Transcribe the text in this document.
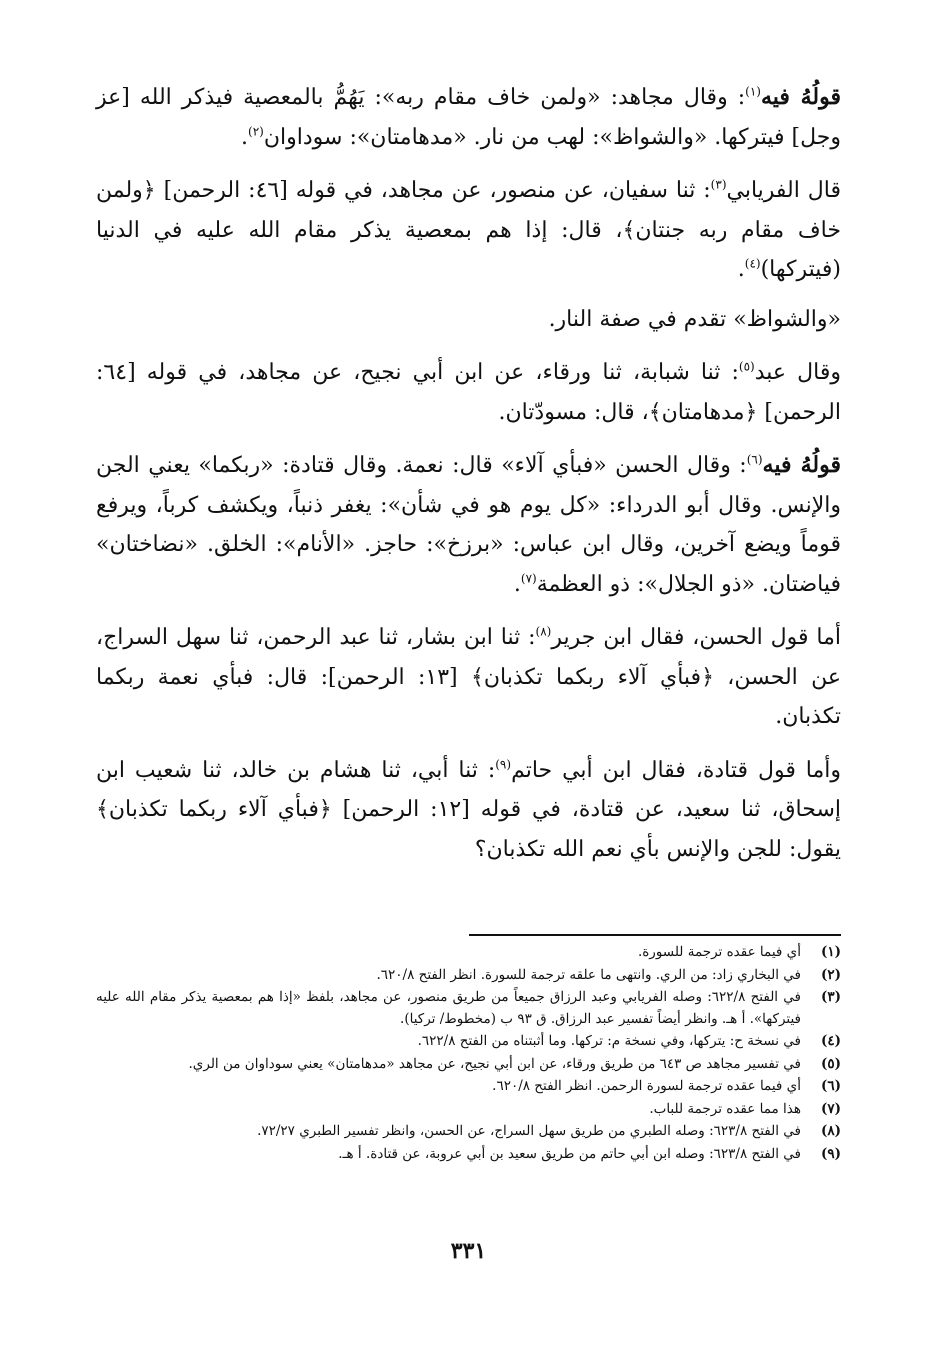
قولُهُ فيه$^{(١)}$: وقال مجاهد: «ولمن خاف مقام ربه»: يَهُمُّ بالمعصية فيذكر الله [عز وجل] فيتركها. «والشواظ»: لهب من نار. «مدهامتان»: سوداوان$^{(٢)}$.

قال الفريابي$^{(٣)}$: ثنا سفيان، عن منصور، عن مجاهد، في قوله [٤٦: الرحمن] ﴿ولمن خاف مقام ربه جنتان﴾، قال: إذا هم بمعصية يذكر مقام الله عليه في الدنيا (فيتركها)$^{(٤)}$.

«والشواظ» تقدم في صفة النار.

وقال عبد$^{(٥)}$: ثنا شبابة، ثنا ورقاء، عن ابن أبي نجيح، عن مجاهد، في قوله [٦٤: الرحمن] ﴿مدهامتان﴾، قال: مسودّتان.

قولُهُ فيه$^{(٦)}$: وقال الحسن «فبأي آلاء» قال: نعمة. وقال قتادة: «ربكما» يعني الجن والإنس. وقال أبو الدرداء: «كل يوم هو في شأن»: يغفر ذنباً، ويكشف كرباً، ويرفع قوماً ويضع آخرين، وقال ابن عباس: «برزخ»: حاجز. «الأنام»: الخلق. «نضاختان» فياضتان. «ذو الجلال»: ذو العظمة$^{(٧)}$.

أما قول الحسن، فقال ابن جرير$^{(٨)}$: ثنا ابن بشار، ثنا عبد الرحمن، ثنا سهل السراج، عن الحسن، ﴿فبأي آلاء ربكما تكذبان﴾ [١٣: الرحمن]: قال: فبأي نعمة ربكما تكذبان.

وأما قول قتادة، فقال ابن أبي حاتم$^{(٩)}$: ثنا أبي، ثنا هشام بن خالد، ثنا شعيب ابن إسحاق، ثنا سعيد، عن قتادة، في قوله [١٢: الرحمن] ﴿فبأي آلاء ربكما تكذبان﴾ يقول: للجن والإنس بأي نعم الله تكذبان؟

(١)
أي فيما عقده ترجمة للسورة.
(٢)
في البخاري زاد: من الري. وانتهى ما علقه ترجمة للسورة. انظر الفتح ٦٢٠/٨.
(٣)
في الفتح ٦٢٢/٨: وصله الفريابي وعبد الرزاق جميعاً من طريق منصور، عن مجاهد، بلفظ «إذا هم بمعصية يذكر مقام الله عليه فيتركها». أ هـ. وانظر أيضاً تفسير عبد الرزاق. ق ٩٣ ب (مخطوط/ تركيا).
(٤)
في نسخة ح: يتركها، وفي نسخة م: تركها. وما أثبتناه من الفتح ٦٢٢/٨.
(٥)
في تفسير مجاهد ص ٦٤٣ من طريق ورقاء، عن ابن أبي نجيح، عن مجاهد «مدهامتان» يعني سوداوان من الري.
(٦)
أي فيما عقده ترجمة لسورة الرحمن. انظر الفتح ٦٢٠/٨.
(٧)
هذا مما عقده ترجمة للباب.
(٨)
في الفتح ٦٢٣/٨: وصله الطبري من طريق سهل السراج، عن الحسن، وانظر تفسير الطبري ٧٢/٢٧.
(٩)
في الفتح ٦٢٣/٨: وصله ابن أبي حاتم من طريق سعيد بن أبي عروبة، عن قتادة. أ هـ.
٣٣١
